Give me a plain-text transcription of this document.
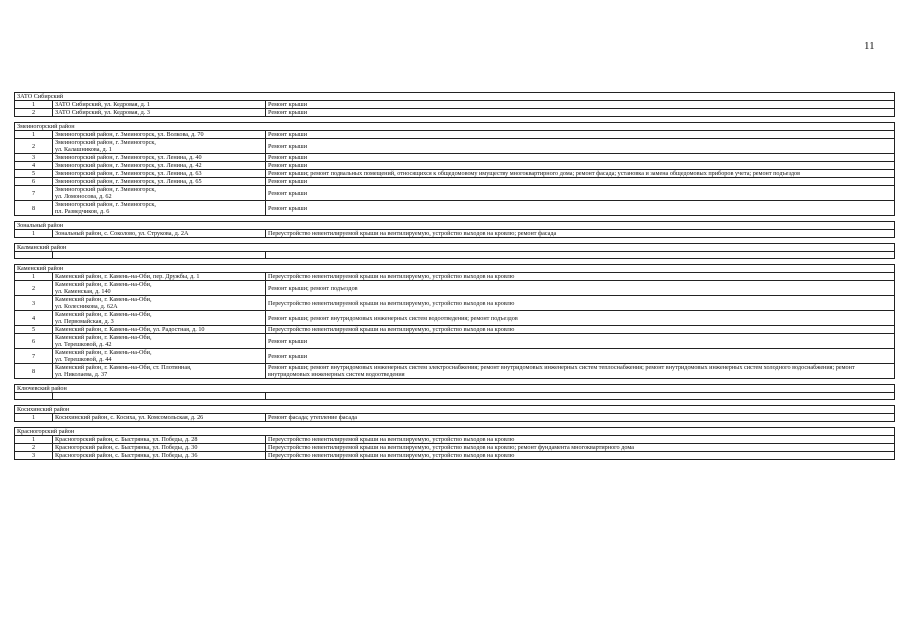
11
ЗАТО Сибирский		
1	ЗАТО Сибирский, ул. Кедровая, д. 1	Ремонт крыши
2	ЗАТО Сибирский, ул. Кедровая, д. 3	Ремонт крыши

Змеиногорский район		
1	Змеиногорский район, г. Змеиногорск, ул. Волкова, д. 70	Ремонт крыши
2	Змеиногорский район, г. Змеиногорск,
ул. Калашникова, д. 1	Ремонт крыши
3	Змеиногорский район, г. Змеиногорск, ул. Ленина, д. 40	Ремонт крыши
4	Змеиногорский район, г. Змеиногорск, ул. Ленина, д. 42	Ремонт крыши
5	Змеиногорский район, г. Змеиногорск, ул. Ленина, д. 63	Ремонт крыши; ремонт подвальных помещений, относящихся к общедомовому имуществу многоквартирного дома; ремонт фасада; установка и замена общедомовых приборов учета; ремонт подъездов
6	Змеиногорский район, г. Змеиногорск, ул. Ленина, д. 65	Ремонт крыши
7	Змеиногорский район, г. Змеиногорск,
ул. Ломоносова, д. 62	Ремонт крыши
8	Змеиногорский район, г. Змеиногорск,
пл. Разведчиков, д. 6	Ремонт крыши

Зональный район		
1	Зональный район, с. Соколово, ул. Струкова, д. 2А	Переустройство невентилируемой крыши на вентилируемую, устройство выходов на кровлю; ремонт фасада

Калманский район		

Каменский район		
1	Каменский район, г. Камень-на-Оби, пер. Дружбы, д. 1	Переустройство невентилируемой крыши на вентилируемую, устройство выходов на кровлю
2	Каменский район, г. Камень-на-Оби,
ул. Каменская, д. 140	Ремонт крыши; ремонт подъездов
3	Каменский район, г. Камень-на-Оби,
ул. Колесникова, д. 62А	Переустройство невентилируемой крыши на вентилируемую, устройство выходов на кровлю
4	Каменский район, г. Камень-на-Оби,
ул. Первомайская, д. 3	Ремонт крыши; ремонт внутридомовых инженерных систем водоотведения; ремонт подъездов
5	Каменский район, г. Камень-на-Оби, ул. Радостная, д. 10	Переустройство невентилируемой крыши на вентилируемую, устройство выходов на кровлю
6	Каменский район, г. Камень-на-Оби,
ул. Терешковой, д. 42	Ремонт крыши
7	Каменский район, г. Камень-на-Оби,
ул. Терешковой, д. 44	Ремонт крыши
8	Каменский район, г. Камень-на-Оби, ст. Плотинная,
ул. Николаева, д. 37	Ремонт крыши; ремонт внутридомовых инженерных систем электроснабжения; ремонт внутридомовых инженерных систем теплоснабжения; ремонт внутридомовых инженерных систем холодного водоснабжения; ремонт внутридомовых инженерных систем водоотведения

Ключевский район		

Косихинский район		
1	Косихинский район, с. Косиха, ул. Комсомольская, д. 26	Ремонт фасада; утепление фасада

Красногорский район		
1	Красногорский район, с. Быстрянка, ул. Победы, д. 28	Переустройство невентилируемой крыши на вентилируемую, устройство выходов на кровлю
2	Красногорский район, с. Быстрянка, ул. Победы, д. 30	Переустройство невентилируемой крыши на вентилируемую, устройство выходов на кровлю; ремонт фундамента многоквартирного дома
3	Красногорский район, с. Быстрянка, ул. Победы, д. 36	Переустройство невентилируемой крыши на вентилируемую, устройство выходов на кровлю
